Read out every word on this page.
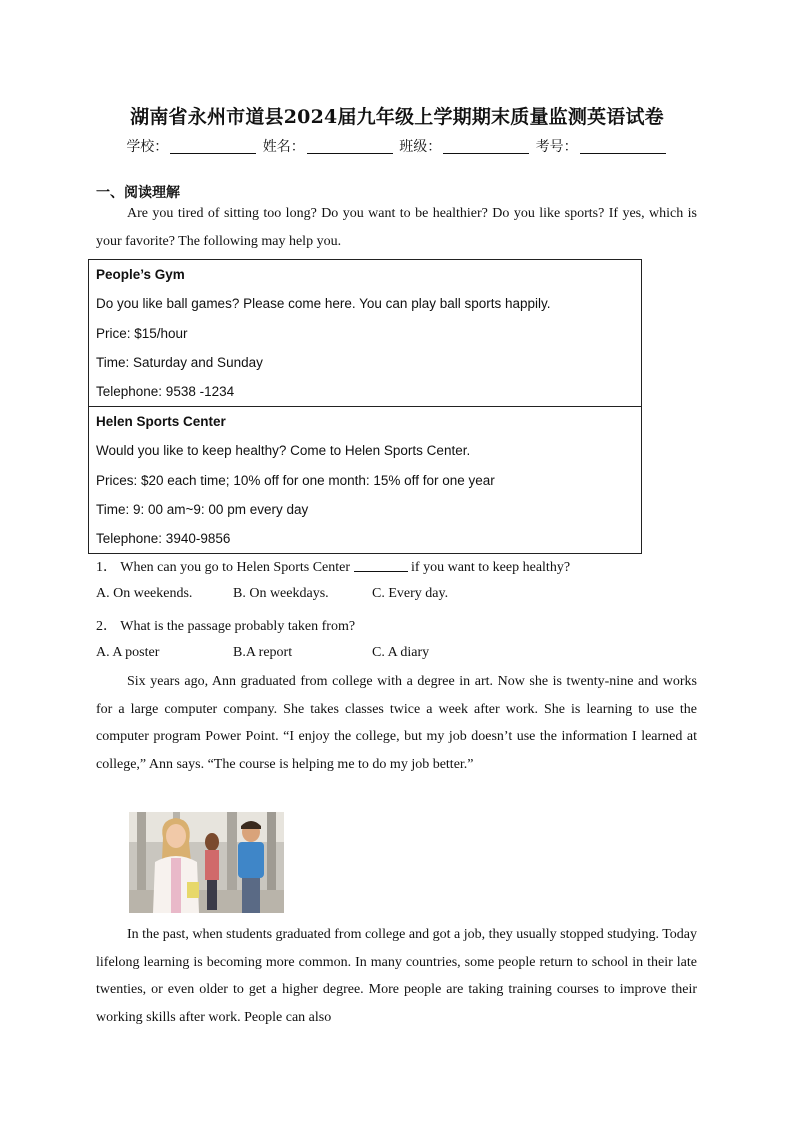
湖南省永州市道县2024届九年级上学期期末质量监测英语试卷
学校：	姓名：	班级：	考号：
一、阅读理解
Are you tired of sitting too long? Do you want to be healthier? Do you like sports? If yes, which is your favorite? The following may help you.
People’s Gym
Do you like ball games? Please come here. You can play ball sports happily.
Price: $15/hour
Time: Saturday and Sunday
Telephone: 9538 -1234
Helen Sports Center
Would you like to keep healthy? Come to Helen Sports Center.
Prices: $20 each time; 10% off for one month: 15% off for one year
Time: 9: 00 am~9: 00 pm every day
Telephone: 3940-9856
1． When can you go to Helen Sports Center	if you want to keep healthy?
A. On weekends.	B. On weekdays.	C. Every day.
2． What is the passage probably taken from?
A. A poster	B.A report	C. A diary
Six years ago, Ann graduated from college with a degree in art. Now she is twenty-nine and works for a large computer company. She takes classes twice a week after work. She is learning to use the computer program Power Point. “I enjoy the college, but my job doesn’t use the information I learned at college,” Ann says. “The course is helping me to do my job better.”
In the past, when students graduated from college and got a job, they usually stopped studying. Today lifelong learning is becoming more common. In many countries, some people return to school in their late twenties, or even older to get a higher degree. More people are taking training courses to improve their working skills after work. People can also
